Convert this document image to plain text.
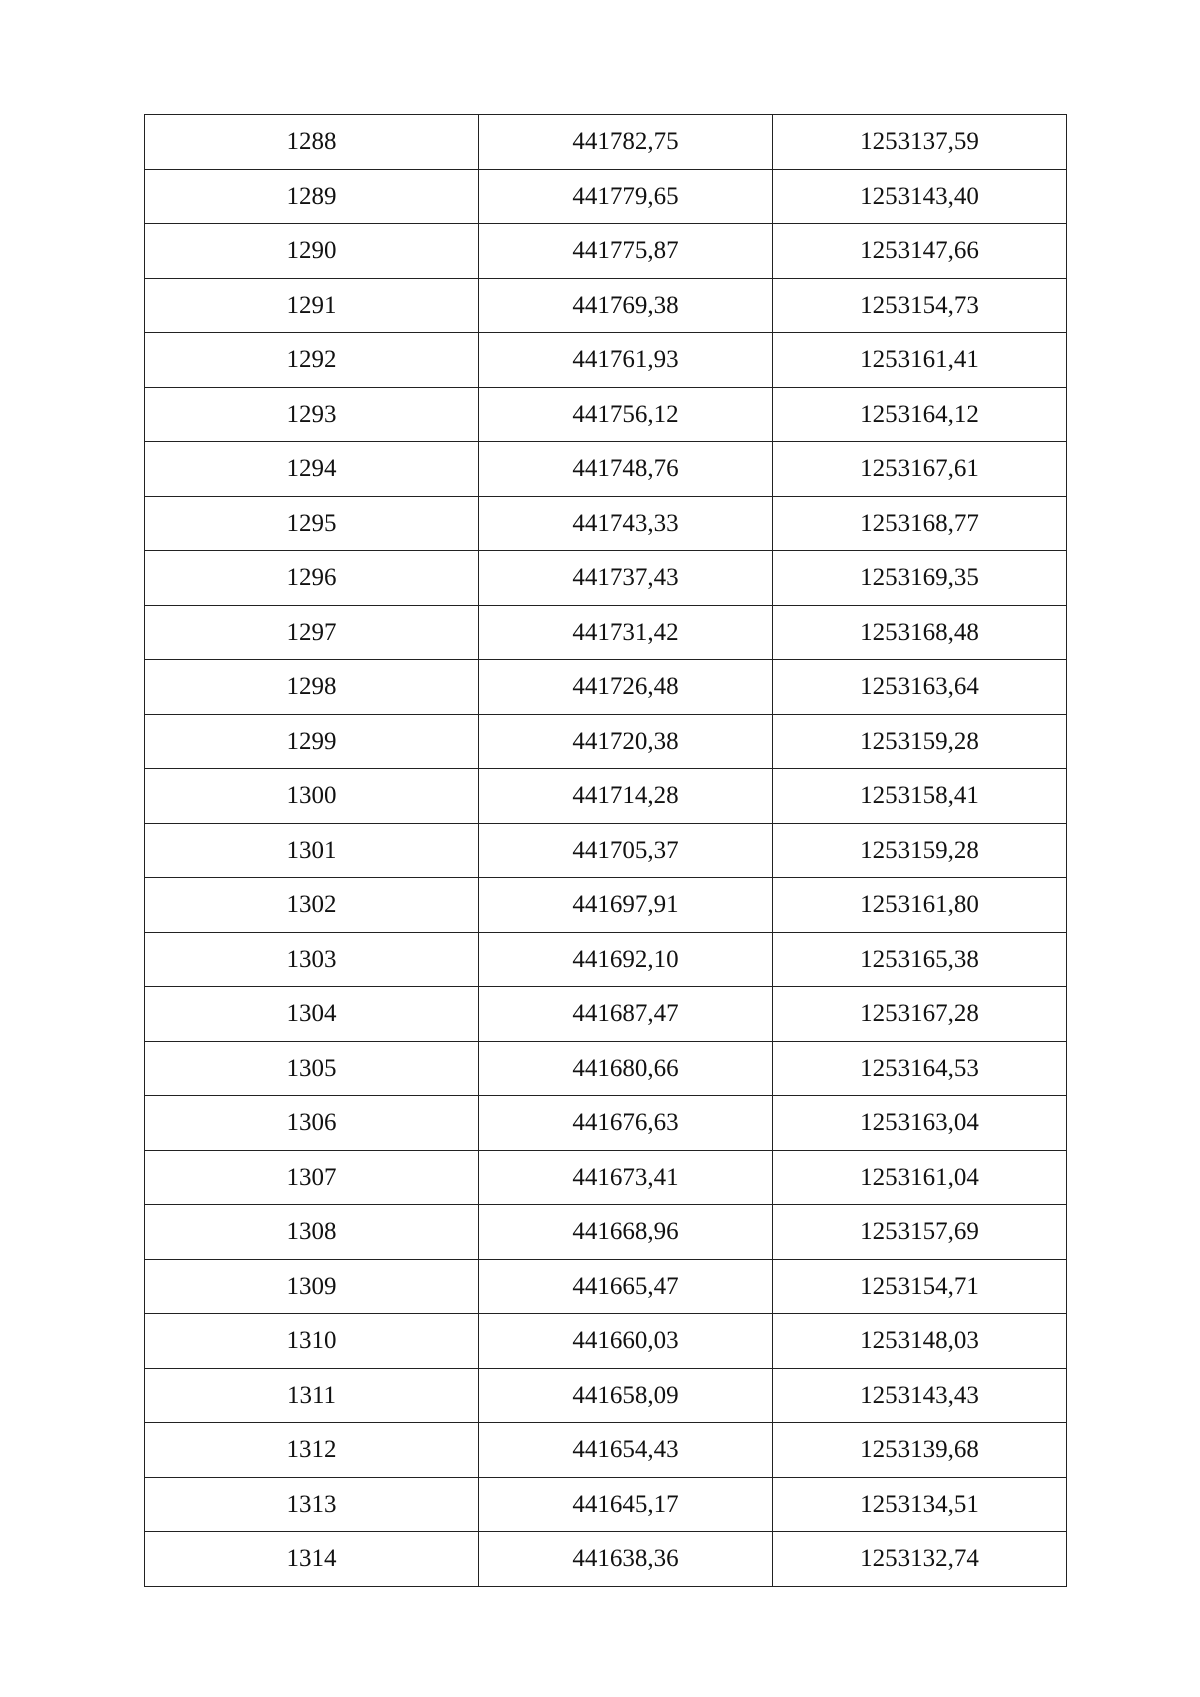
1288	441782,75	1253137,59
1289	441779,65	1253143,40
1290	441775,87	1253147,66
1291	441769,38	1253154,73
1292	441761,93	1253161,41
1293	441756,12	1253164,12
1294	441748,76	1253167,61
1295	441743,33	1253168,77
1296	441737,43	1253169,35
1297	441731,42	1253168,48
1298	441726,48	1253163,64
1299	441720,38	1253159,28
1300	441714,28	1253158,41
1301	441705,37	1253159,28
1302	441697,91	1253161,80
1303	441692,10	1253165,38
1304	441687,47	1253167,28
1305	441680,66	1253164,53
1306	441676,63	1253163,04
1307	441673,41	1253161,04
1308	441668,96	1253157,69
1309	441665,47	1253154,71
1310	441660,03	1253148,03
1311	441658,09	1253143,43
1312	441654,43	1253139,68
1313	441645,17	1253134,51
1314	441638,36	1253132,74
